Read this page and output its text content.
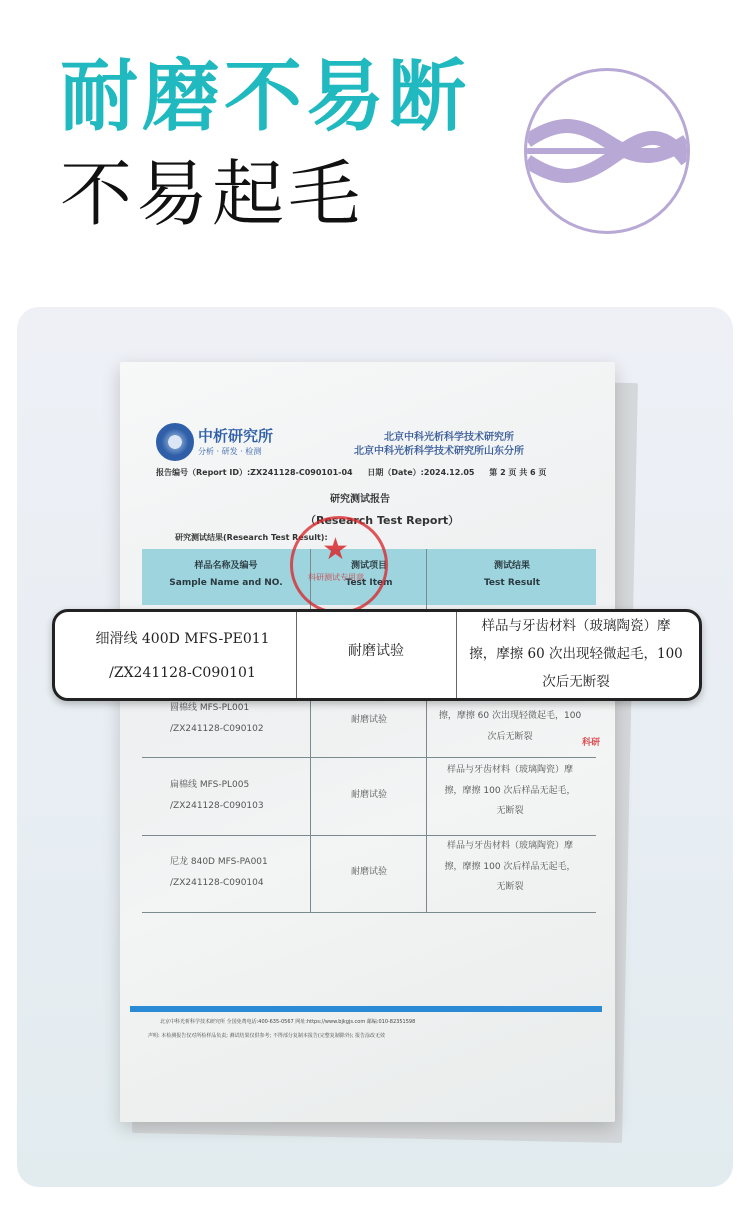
耐磨不易断
不易起毛
中析研究所
分析 · 研发 · 检测
北京中科光析科学技术研究所
北京中科光析科学技术研究所山东分所
报告编号（Report ID）:ZX241128-C090101-04 日期（Date）:2024.12.05 第 2 页 共 6 页
研究测试报告
（Research Test Report）
研究测试结果(Research Test Result):
样品名称及编号
Sample Name and NO.
测试项目
Test Item
测试结果
Test Result
圆棉线 MFS-PL001
/ZX241128-C090102
耐磨试验	擦，摩擦 60 次出现轻微起毛，100
次后无断裂
扁棉线 MFS-PL005
/ZX241128-C090103
耐磨试验
样品与牙齿材料（玻璃陶瓷）摩
擦，摩擦 100 次后样品无起毛，
无断裂
尼龙 840D MFS-PA001
/ZX241128-C090104
耐磨试验
样品与牙齿材料（玻璃陶瓷）摩
擦，摩擦 100 次后样品无起毛，
无断裂
★
科研测试专用章
科研
北京中科光析科学技术研究所 全国免费电话:400-635-0567 网址:https://www.bjkgjs.com 邮编:010-82351598
声明: 本检测报告仅对所检样品负责; 测试结果仅供参考; 不得部分复制本报告(完整复制除外); 报告涂改无效
细滑线 400D MFS-PE011
/ZX241128-C090101
耐磨试验
样品与牙齿材料（玻璃陶瓷）摩
擦，摩擦 60 次出现轻微起毛，100
次后无断裂
